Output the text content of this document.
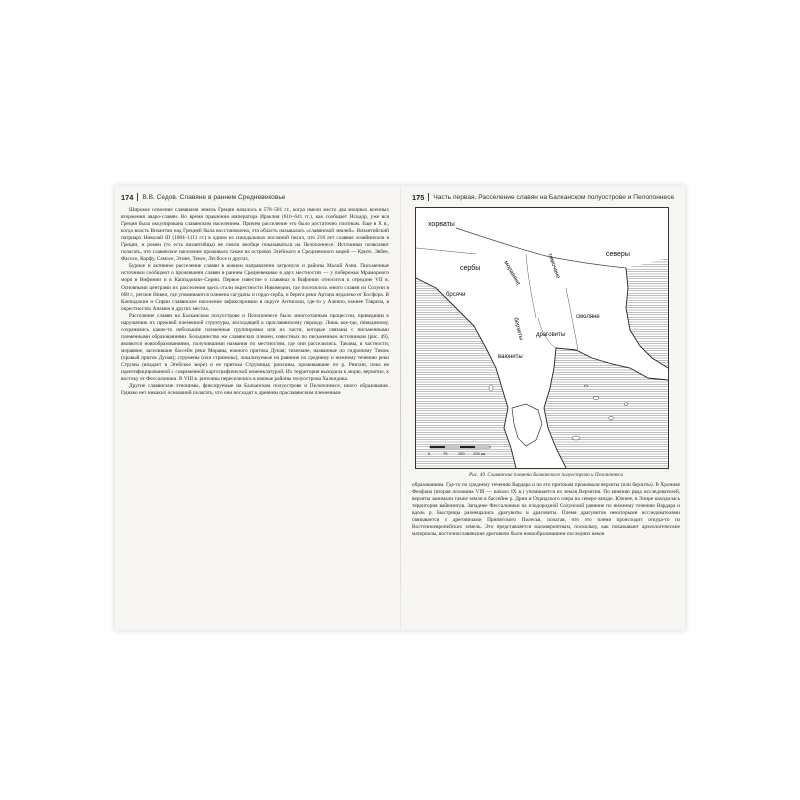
174 В.В. Седов. Славяне в раннем Средневековье

Широкое освоение славянами земель Греции началось в 578–581 гг., когда имели место два мощных военных вторжения аваро-славян. Во время правления императора Ираклия (610–641 гг.), как сообщает Исидор, уже вся Греция была оккупирована славянским населением. Причем расселение это было достаточно плотным. Еще в X в., когда власть Византии над Грецией была восстановлена, эта область называлась «славянской землей». Византийский патриарх Николай III (1084–1111 гг.) в одном из синодальных посланий писал, что 218 лет славяне хозяйничали в Греции, и ромеи (то есть византийцы) не смели вообще показываться на Пелопоннесе. Источники позволяют полагать, что славянское население проживало также на островах Эгейского и Средиземного морей — Крите, Эвбее, Фасосе, Корфу, Самосе, Эгине, Тенсе, Лесбосе и других.

Бурное и активное расселение славян в южном направлении затронуло и районы Малой Азии. Письменные источники сообщают о проживании славян в раннем Средневековье в двух местностях — у побережья Мраморного моря в Вифинии и в Каппадокии–Сирии. Первое известие о славянах в Вифинии относится к середине VII в. Основными центрами их расселения здесь стали окрестности Никомедии, где поселилось много славян из Солуни в 668 г., регион Никеи, где упоминаются племена сагудаты и гордо-серба, и берега реки Артана недалеко от Босфора. В Каппадокии и Сирии славянское население зафиксировано в округе Антиохии, где-то у Алеппо, южнее Тавриза, в окрестностях Апамеи и других местах.

Расселение славян на Балканском полуострове и Пелопоннесе было многоэтапным процессом, приведшим к нарушению их прежней племенной структуры, восходящей к праславянскому периоду. Лишь кое-где, повидимому, сохранялись какие-то небольшие племенные группировки или их части, которые связаны с письменными племенными образованиями. Большинство же славянских племен, известных по письменным источникам (рис. 49), являются новообразованиями, получившими названия по местностям, где они расселились. Таковы, в частности, моравяне, заселившие бассейн реки Моравы, южного притока Дуная; тимочане, названные по гидрониму Тимок (правый приток Дуная); струмены (или стримоны), локализуемые на равнине по среднему и нижнему течению реки Струмы (впадает в Эгейское море) и ее притока Струмицы; ринхины, проживавшие по р. Ринхин, пока не идентифицированной с современной картографической номенклатурой. Их территория выходила к морю, вероятно, к востоку от Фессалоники. В VIII в. ринхины переселились в южные районы полуострова Халкидика.

Другие славянские этнонимы, фиксируемые на Балканском полуострове и Пелопоннесе, иного образования. Однако нет никаких оснований полагать, что они восходят к древним праславянским племенным

175 Часть первая. Расселение славян на Балканском полуострове и Пелопоннесе
хорваты
сербы
брсячи
моравяне	тимочане	северы
смоляне
драговиты
ваюниты
берзиты
0	75	150 225 км
Рис. 49. Славянские племена Балканского полуострова и Пелопоннеса

образованиям. Где-то по среднему течению Вардара и по его притокам проживали верзиты (или берзиты). В Хронике Феофана (вторая половина VIII — начало IX в.) упоминается их земля Верзития. По мнению ряда исследователей, верзиты занимали также земли в бассейне р. Дрин и Охридского озера на северо-западе. Южнее, в Эпире находилась территория вайюнитов. Западнее Фессалоники на плодородной Солунской равнине по нижнему течению Вардара и вдоль р. Быстрицы размещались драгувиты и драговиты. Племя драгувитов некоторыми исследователями связывается с дреговичами Припятского Полесья, полагая, что это племя происходит откуда-то из Восточноевропейских земель. Это представляется маловероятным, поскольку, как показывают археологические материалы, восточнославянские дреговичи были новообразованием последних веков
